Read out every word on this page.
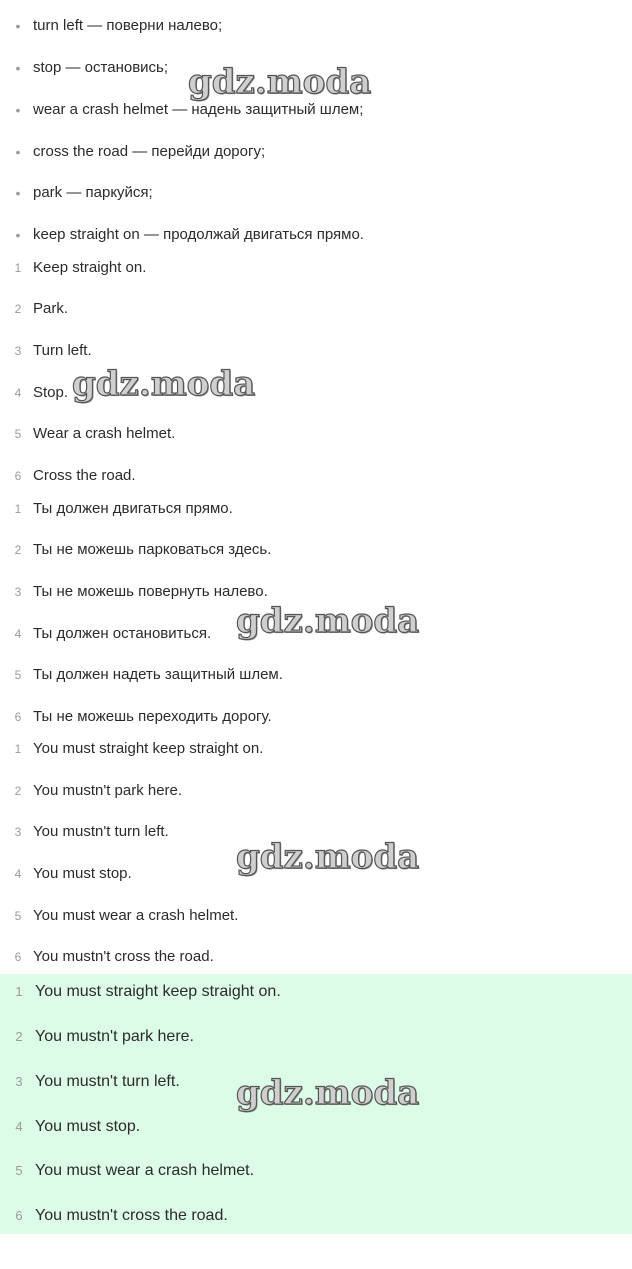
• turn left — поверни налево;
• stop — остановись;
• wear a crash helmet — надень защитный шлем;
• cross the road — перейди дорогу;
• park — паркуйся;
• keep straight on — продолжай двигаться прямо.
1 Keep straight on.
2 Park.
3 Turn left.
4 Stop.
5 Wear a crash helmet.
6 Cross the road.
1 Ты должен двигаться прямо.
2 Ты не можешь парковаться здесь.
3 Ты не можешь повернуть налево.
4 Ты должен остановиться.
5 Ты должен надеть защитный шлем.
6 Ты не можешь переходить дорогу.
1 You must straight keep straight on.
2 You mustn't park here.
3 You mustn't turn left.
4 You must stop.
5 You must wear a crash helmet.
6 You mustn't cross the road.
1 You must straight keep straight on.
2 You mustn't park here.
3 You mustn't turn left.
4 You must stop.
5 You must wear a crash helmet.
6 You mustn't cross the road.
gdz.moda
gdz.moda
gdz.moda
gdz.moda
gdz.moda
